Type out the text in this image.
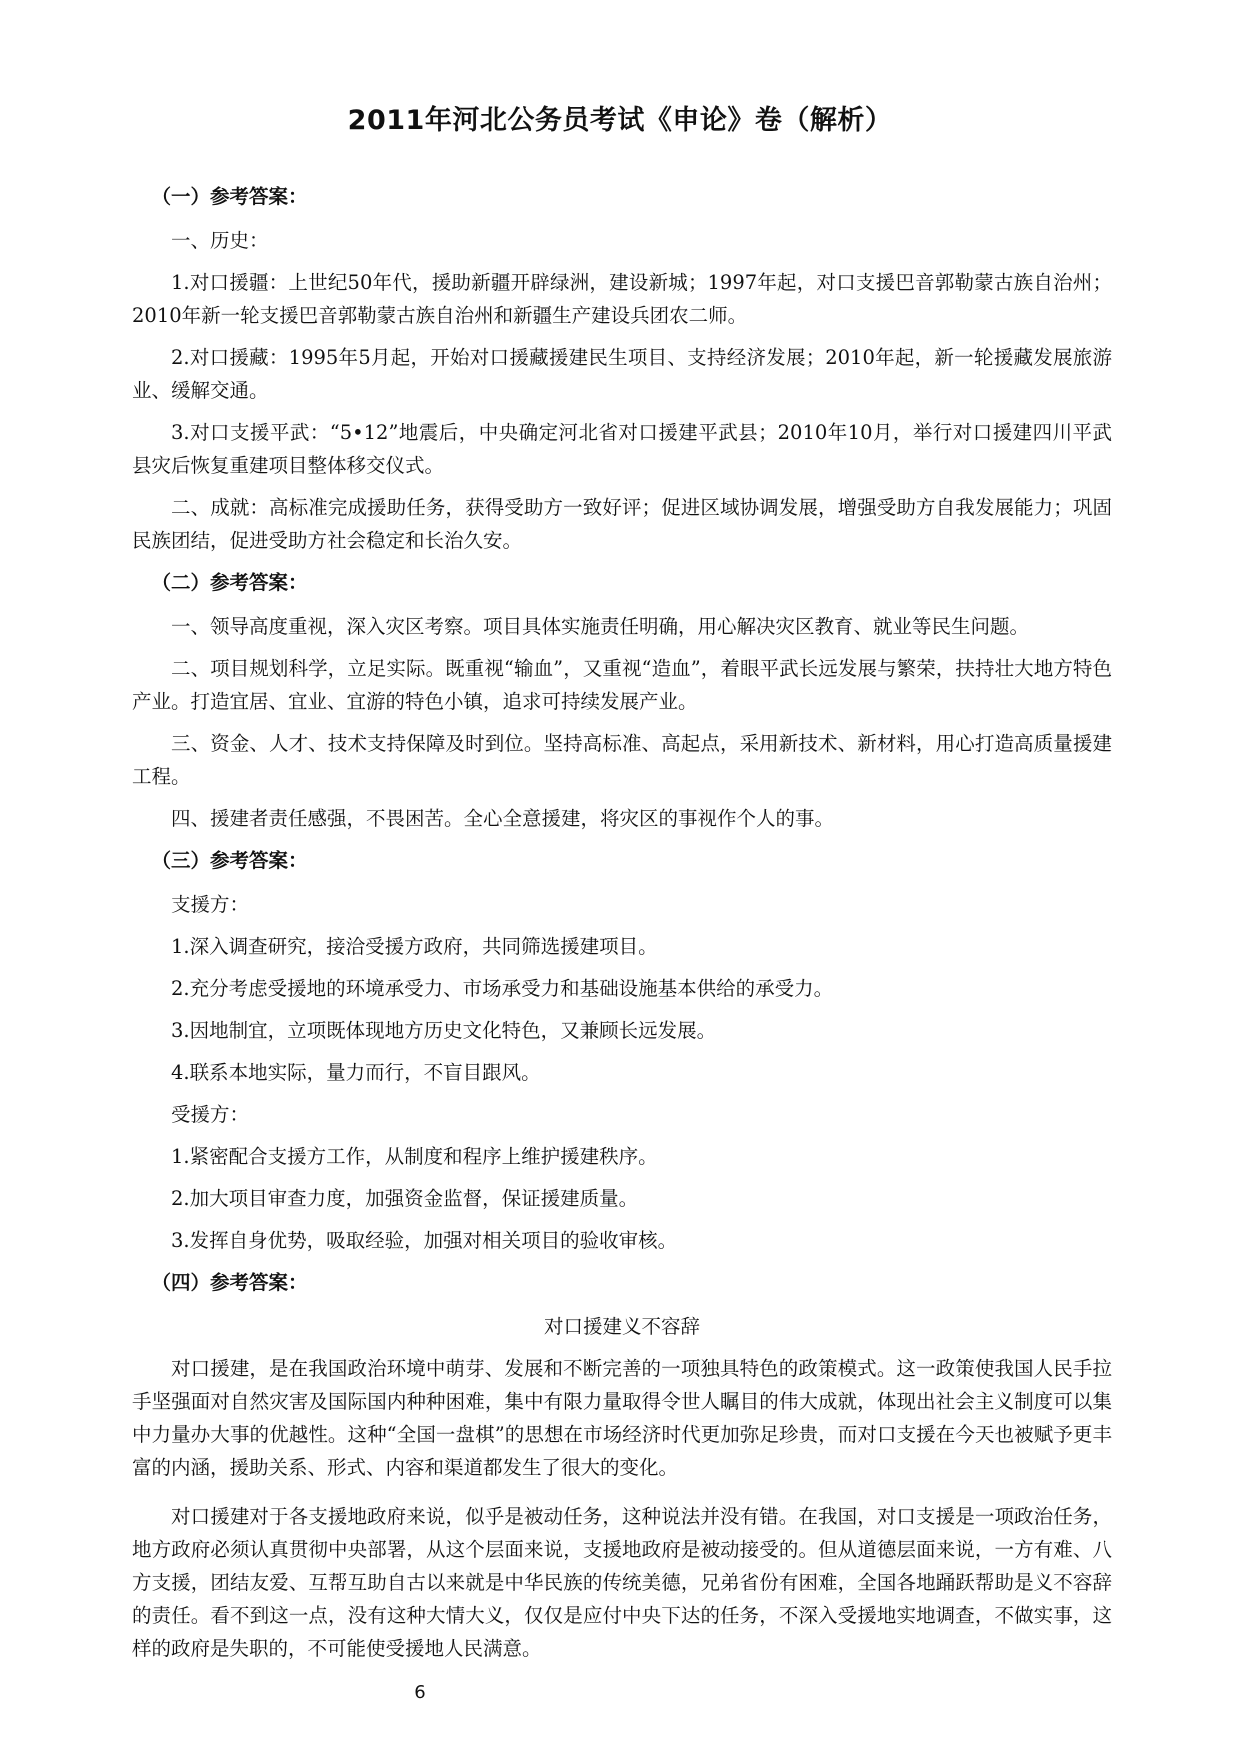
2011年河北公务员考试《申论》卷（解析）

（一）参考答案：

一、历史：

1.对口援疆：上世纪50年代，援助新疆开辟绿洲，建设新城；1997年起，对口支援巴音郭勒蒙古族自治州；2010年新一轮支援巴音郭勒蒙古族自治州和新疆生产建设兵团农二师。

2.对口援藏：1995年5月起，开始对口援藏援建民生项目、支持经济发展；2010年起，新一轮援藏发展旅游业、缓解交通。

3.对口支援平武：“5•12”地震后，中央确定河北省对口援建平武县；2010年10月，举行对口援建四川平武县灾后恢复重建项目整体移交仪式。

二、成就：高标准完成援助任务，获得受助方一致好评；促进区域协调发展，增强受助方自我发展能力；巩固民族团结，促进受助方社会稳定和长治久安。

（二）参考答案：

一、领导高度重视，深入灾区考察。项目具体实施责任明确，用心解决灾区教育、就业等民生问题。

二、项目规划科学，立足实际。既重视“输血”，又重视“造血”，着眼平武长远发展与繁荣，扶持壮大地方特色产业。打造宜居、宜业、宜游的特色小镇，追求可持续发展产业。

三、资金、人才、技术支持保障及时到位。坚持高标准、高起点，采用新技术、新材料，用心打造高质量援建工程。

四、援建者责任感强，不畏困苦。全心全意援建，将灾区的事视作个人的事。

（三）参考答案：

支援方：

1.深入调查研究，接洽受援方政府，共同筛选援建项目。

2.充分考虑受援地的环境承受力、市场承受力和基础设施基本供给的承受力。

3.因地制宜，立项既体现地方历史文化特色，又兼顾长远发展。

4.联系本地实际，量力而行，不盲目跟风。

受援方：

1.紧密配合支援方工作，从制度和程序上维护援建秩序。

2.加大项目审查力度，加强资金监督，保证援建质量。

3.发挥自身优势，吸取经验，加强对相关项目的验收审核。

（四）参考答案：

对口援建义不容辞

对口援建，是在我国政治环境中萌芽、发展和不断完善的一项独具特色的政策模式。这一政策使我国人民手拉手坚强面对自然灾害及国际国内种种困难，集中有限力量取得令世人瞩目的伟大成就，体现出社会主义制度可以集中力量办大事的优越性。这种“全国一盘棋”的思想在市场经济时代更加弥足珍贵，而对口支援在今天也被赋予更丰富的内涵，援助关系、形式、内容和渠道都发生了很大的变化。

对口援建对于各支援地政府来说，似乎是被动任务，这种说法并没有错。在我国，对口支援是一项政治任务，地方政府必须认真贯彻中央部署，从这个层面来说，支援地政府是被动接受的。但从道德层面来说，一方有难、八方支援，团结友爱、互帮互助自古以来就是中华民族的传统美德，兄弟省份有困难，全国各地踊跃帮助是义不容辞的责任。看不到这一点，没有这种大情大义，仅仅是应付中央下达的任务，不深入受援地实地调查，不做实事，这样的政府是失职的，不可能使受援地人民满意。

6
